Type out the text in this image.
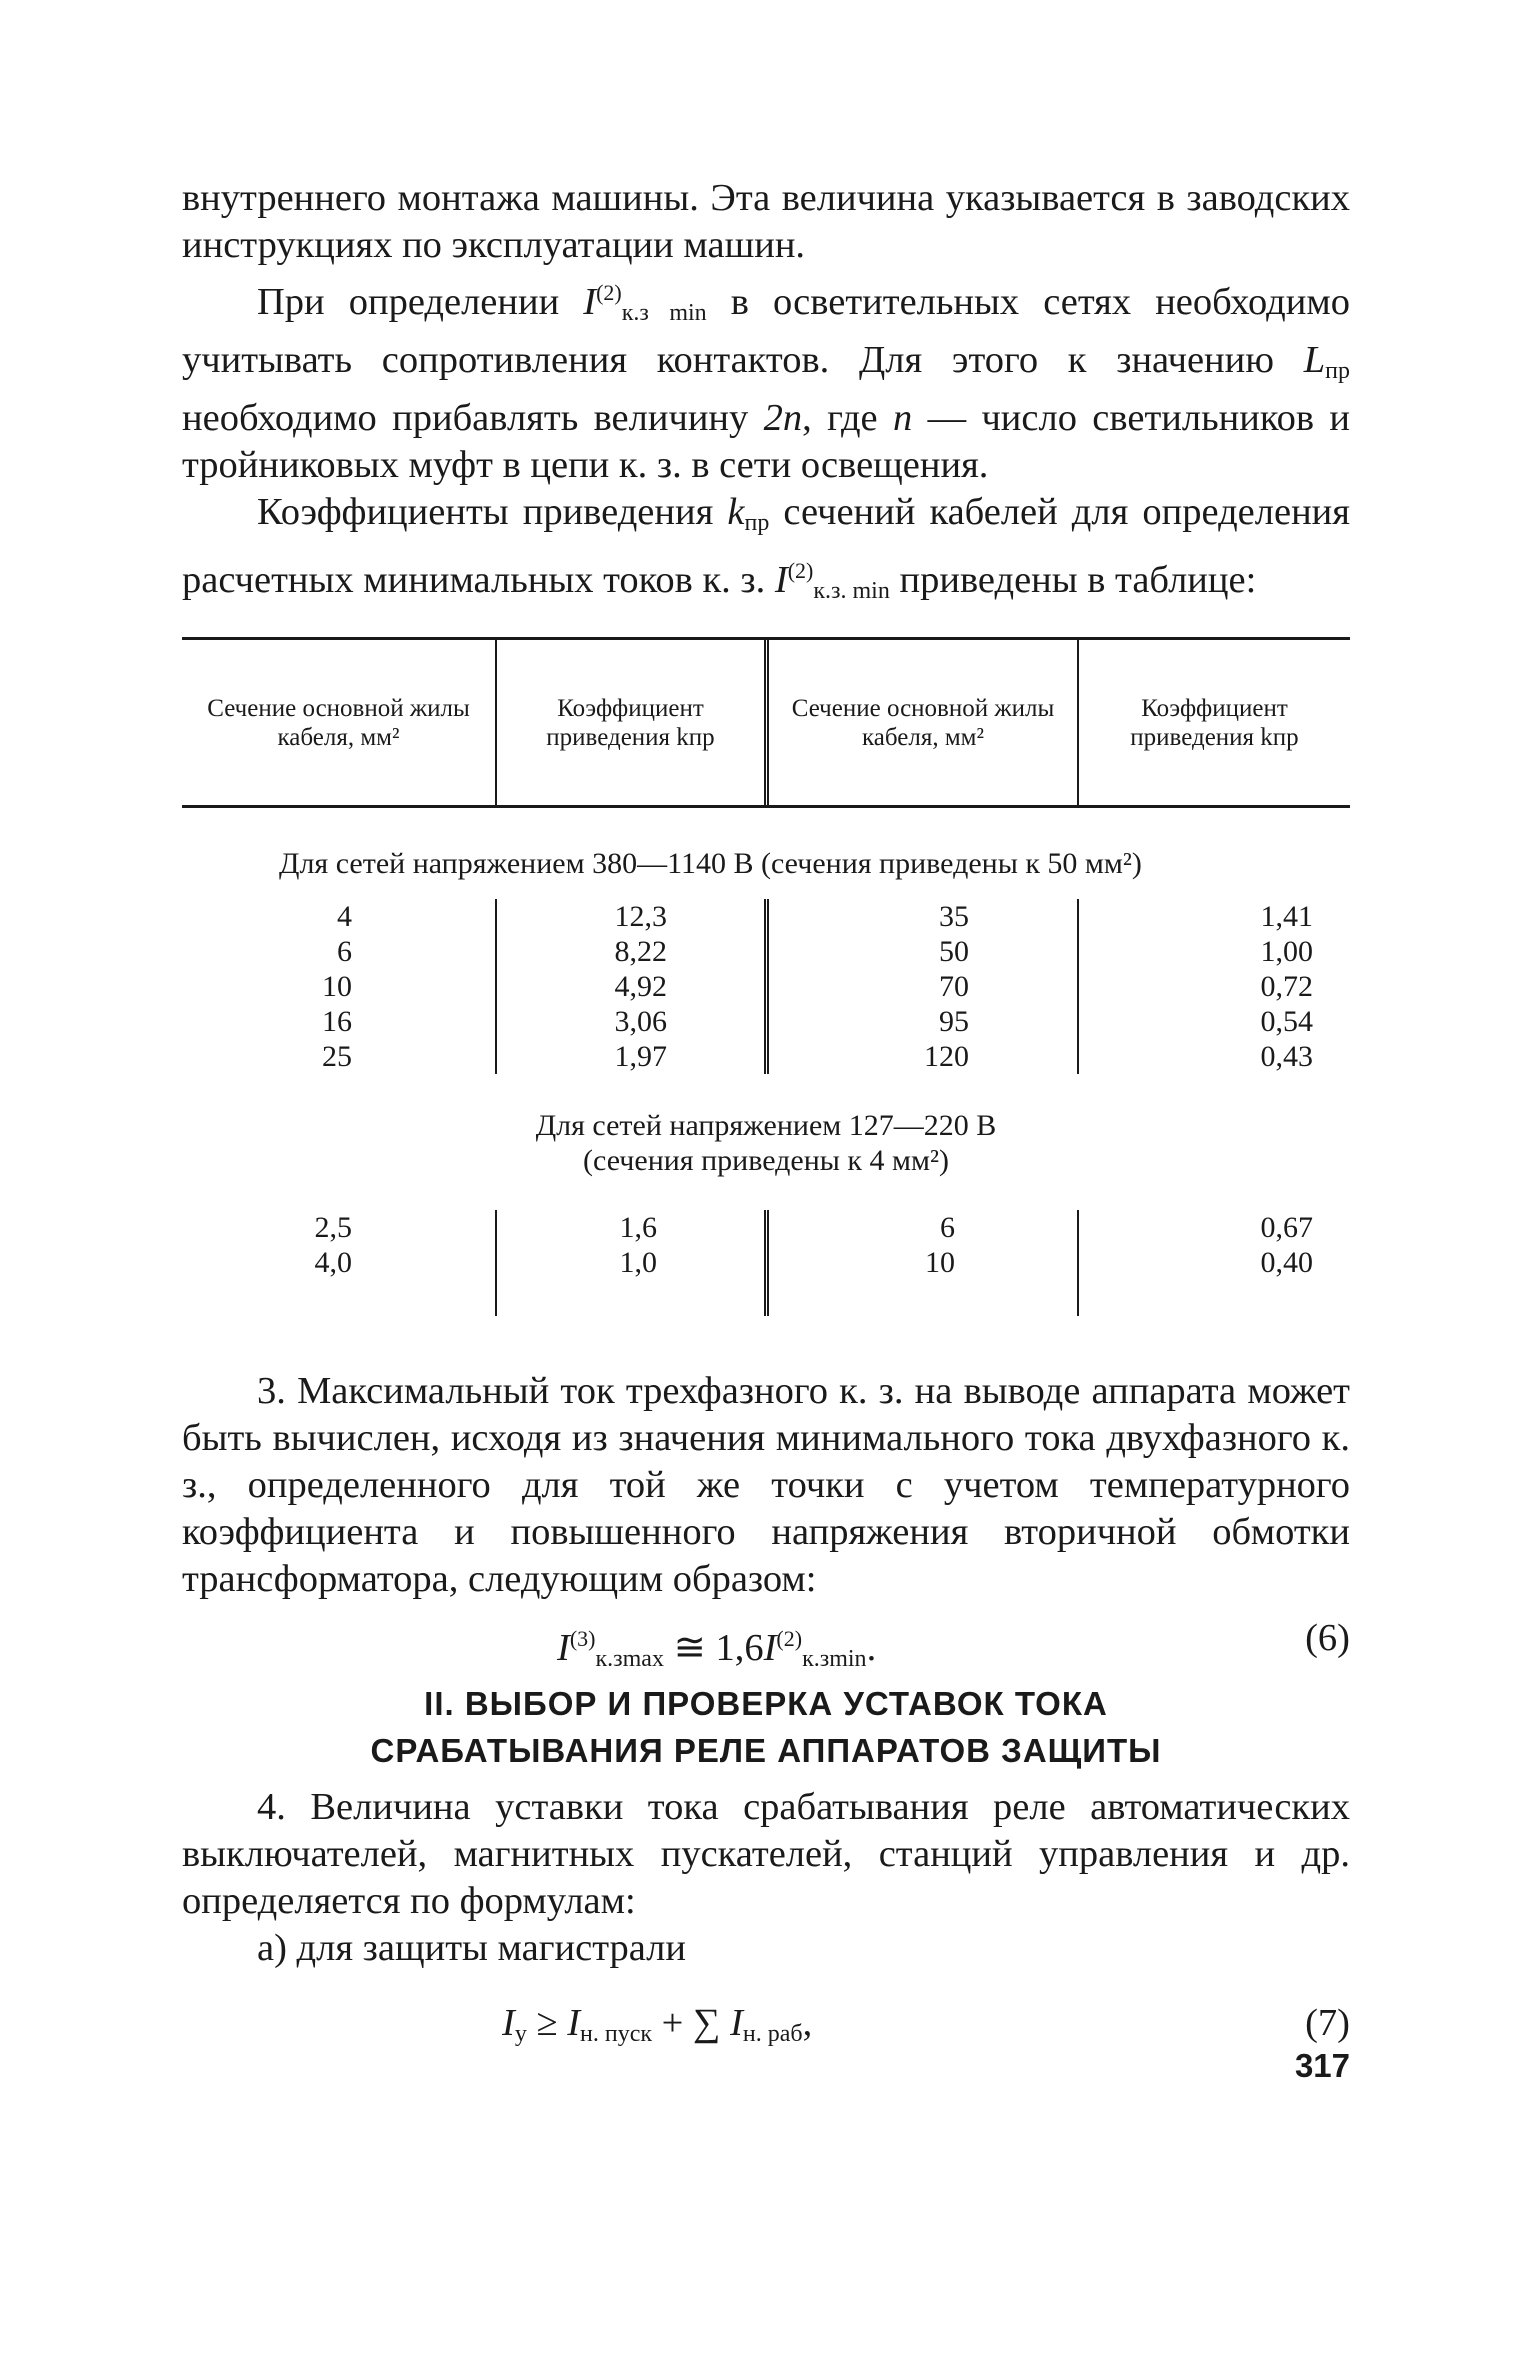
внутреннего монтажа машины. Эта величина указывается в заводских инструкциях по эксплуатации машин.

При определении $I^{(2)}_{к.з min}$ в осветительных сетях необходимо учитывать сопротивления контактов. Для этого к значению $L_{пр}$ необходимо прибавлять величину 2n, где n — число светильников и тройниковых муфт в цепи к. з. в сети освещения.

Коэффициенты приведения $k_{пр}$ сечений кабелей для определения расчетных минимальных токов к. з. $I^{(2)}_{к.з. min}$ приведены в таблице:

Сечение основной жилы кабеля, мм²
Коэффициент приведения kпр
Сечение основной жилы кабеля, мм²
Коэффициент приведения kпр

Для сетей напряжением 380—1140 В (сечения приведены к 50 мм²)

4
6
10
16
25
12,3
8,22
4,92
3,06
1,97
35
50
70
95
120
1,41
1,00
0,72
0,54
0,43

Для сетей напряжением 127—220 В

(сечения приведены к 4 мм²)

2,5
4,0
1,6
1,0
6
10
0,67
0,40

3. Максимальный ток трехфазного к. з. на выводе аппарата может быть вычислен, исходя из значения минимального тока двухфазного к. з., определенного для той же точки с учетом температурного коэффициента и повышенного напряжения вторичной обмотки трансформатора, следующим образом:

$I^{(3)}_{к.зmax}$ ≅ $1,6I^{(2)}_{к.зmin}$.	(6)
II. ВЫБОР И ПРОВЕРКА УСТАВОК ТОКА
СРАБАТЫВАНИЯ РЕЛЕ АППАРАТОВ ЗАЩИТЫ

4. Величина уставки тока срабатывания реле автоматических выключателей, магнитных пускателей, станций управления и др. определяется по формулам:

а) для защиты магистрали

$I_у \ge I_{н. пуск}$ + ∑ $I_{н. раб}$,	(7)
317
